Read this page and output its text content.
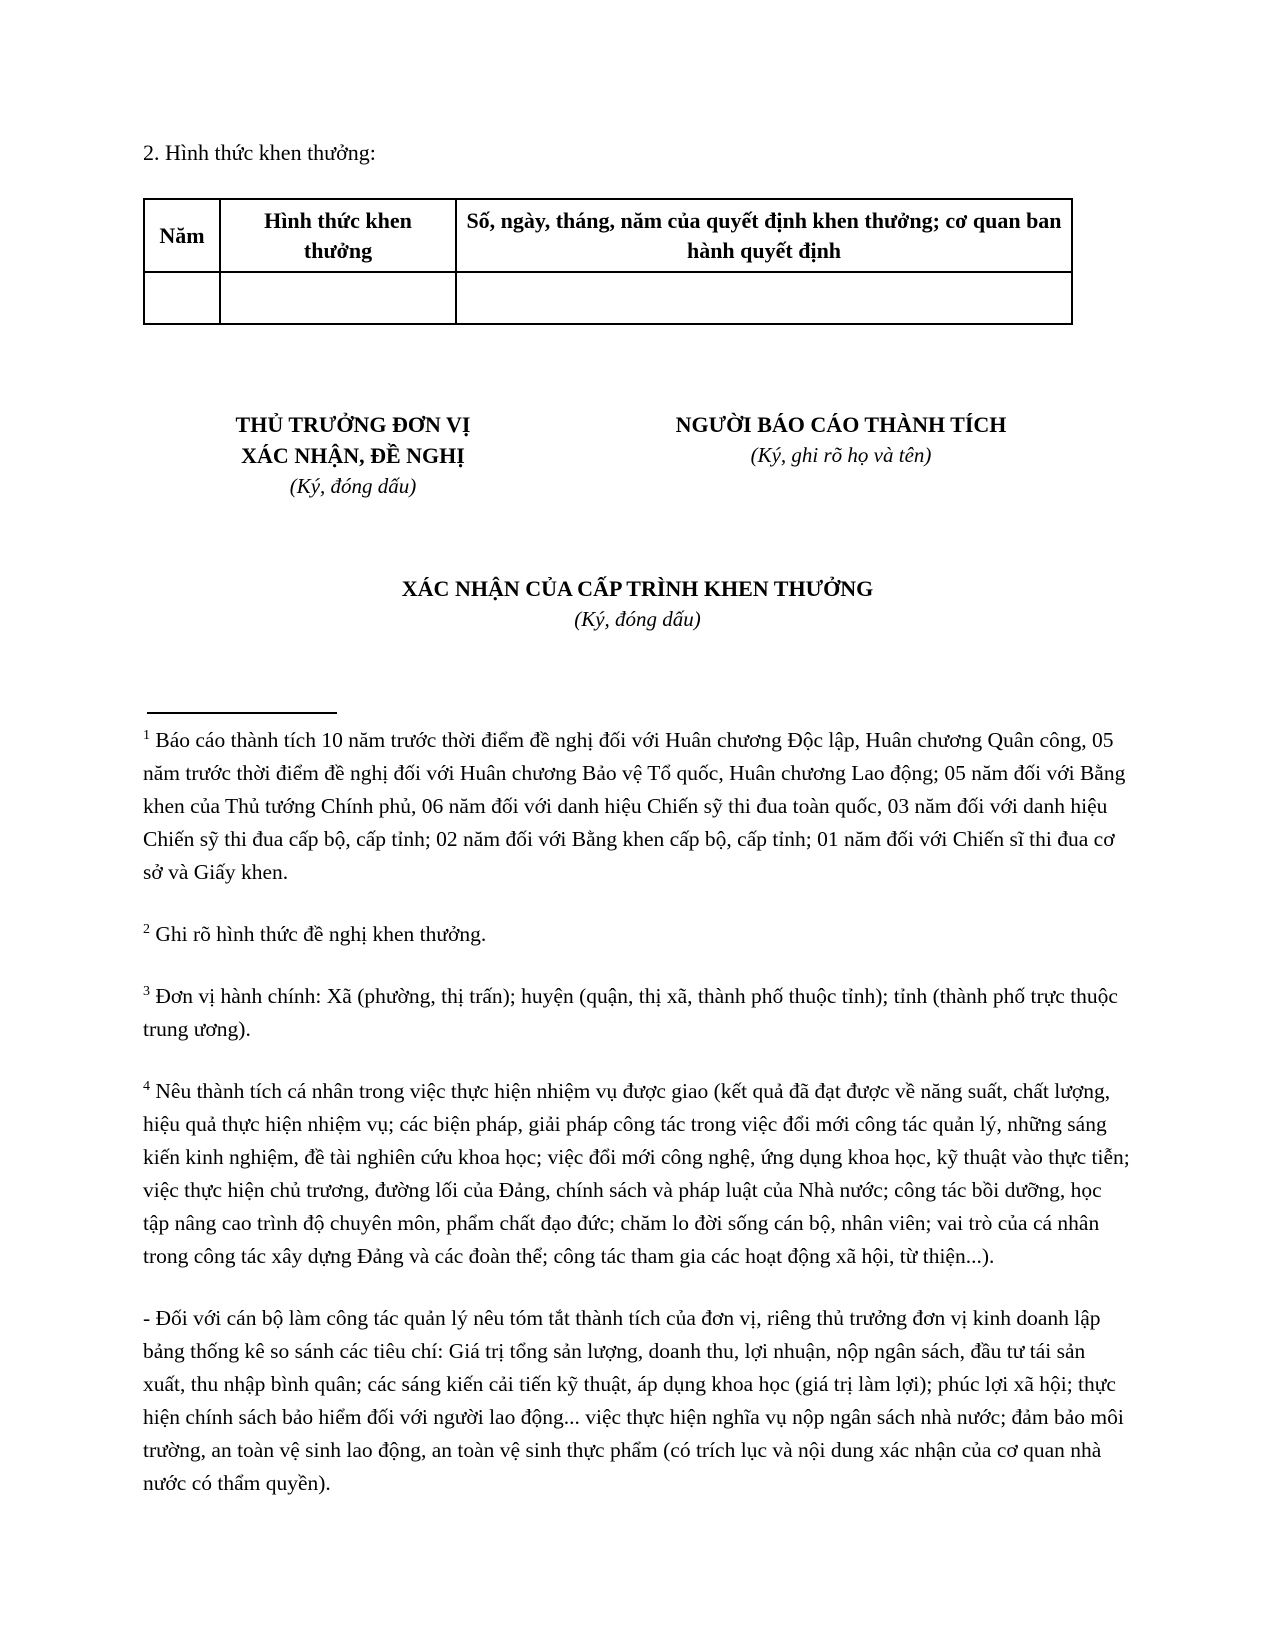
2. Hình thức khen thưởng:

Năm	Hình thức khen thưởng	Số, ngày, tháng, năm của quyết định khen thưởng; cơ quan ban hành quyết định

THỦ TRƯỞNG ĐƠN VỊ
XÁC NHẬN, ĐỀ NGHỊ
(Ký, đóng dấu)
NGƯỜI BÁO CÁO THÀNH TÍCH
(Ký, ghi rõ họ và tên)
XÁC NHẬN CỦA CẤP TRÌNH KHEN THƯỞNG
(Ký, đóng dấu)

$^1$ Báo cáo thành tích 10 năm trước thời điểm đề nghị đối với Huân chương Độc lập, Huân chương Quân công, 05 năm trước thời điểm đề nghị đối với Huân chương Bảo vệ Tổ quốc, Huân chương Lao động; 05 năm đối với Bằng khen của Thủ tướng Chính phủ, 06 năm đối với danh hiệu Chiến sỹ thi đua toàn quốc, 03 năm đối với danh hiệu Chiến sỹ thi đua cấp bộ, cấp tỉnh; 02 năm đối với Bằng khen cấp bộ, cấp tỉnh; 01 năm đối với Chiến sĩ thi đua cơ sở và Giấy khen.

$^2$ Ghi rõ hình thức đề nghị khen thưởng.

$^3$ Đơn vị hành chính: Xã (phường, thị trấn); huyện (quận, thị xã, thành phố thuộc tỉnh); tỉnh (thành phố trực thuộc trung ương).

$^4$ Nêu thành tích cá nhân trong việc thực hiện nhiệm vụ được giao (kết quả đã đạt được về năng suất, chất lượng, hiệu quả thực hiện nhiệm vụ; các biện pháp, giải pháp công tác trong việc đổi mới công tác quản lý, những sáng kiến kinh nghiệm, đề tài nghiên cứu khoa học; việc đổi mới công nghệ, ứng dụng khoa học, kỹ thuật vào thực tiễn; việc thực hiện chủ trương, đường lối của Đảng, chính sách và pháp luật của Nhà nước; công tác bồi dưỡng, học tập nâng cao trình độ chuyên môn, phẩm chất đạo đức; chăm lo đời sống cán bộ, nhân viên; vai trò của cá nhân trong công tác xây dựng Đảng và các đoàn thể; công tác tham gia các hoạt động xã hội, từ thiện...).

- Đối với cán bộ làm công tác quản lý nêu tóm tắt thành tích của đơn vị, riêng thủ trưởng đơn vị kinh doanh lập bảng thống kê so sánh các tiêu chí: Giá trị tổng sản lượng, doanh thu, lợi nhuận, nộp ngân sách, đầu tư tái sản xuất, thu nhập bình quân; các sáng kiến cải tiến kỹ thuật, áp dụng khoa học (giá trị làm lợi); phúc lợi xã hội; thực hiện chính sách bảo hiểm đối với người lao động... việc thực hiện nghĩa vụ nộp ngân sách nhà nước; đảm bảo môi trường, an toàn vệ sinh lao động, an toàn vệ sinh thực phẩm (có trích lục và nội dung xác nhận của cơ quan nhà nước có thẩm quyền).
